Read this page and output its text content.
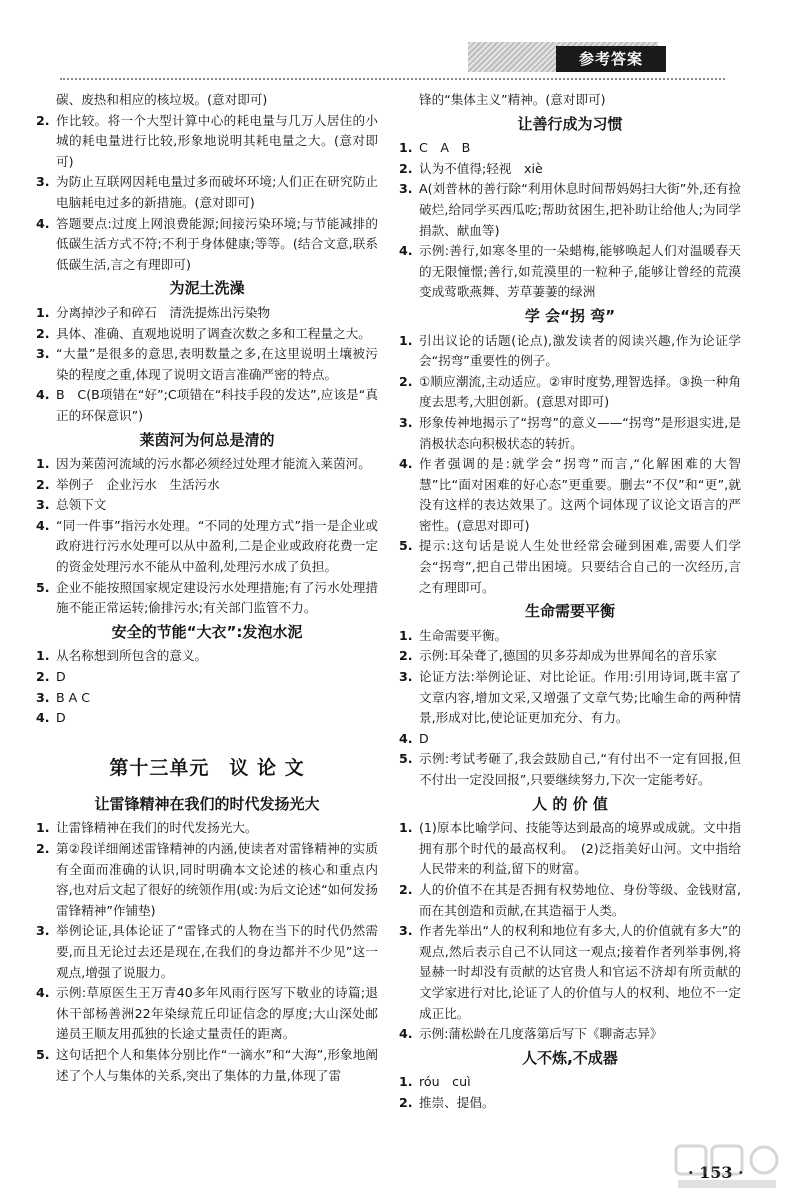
参考答案
碳、废热和相应的核垃圾。(意对即可)
2. 作比较。将一个大型计算中心的耗电量与几万人居住的小城的耗电量进行比较,形象地说明其耗电量之大。(意对即可)
3. 为防止互联网因耗电量过多而破坏环境;人们正在研究防止电脑耗电过多的新措施。(意对即可)
4. 答题要点:过度上网浪费能源;间接污染环境;与节能减排的低碳生活方式不符;不利于身体健康;等等。(结合文意,联系低碳生活,言之有理即可)
为泥土洗澡
1. 分离掉沙子和碎石　清洗提炼出污染物
2. 具体、准确、直观地说明了调查次数之多和工程量之大。
3. “大量”是很多的意思,表明数量之多,在这里说明土壤被污染的程度之重,体现了说明文语言准确严密的特点。
4. B　C(B项错在“好”;C项错在“科技手段的发达”,应该是“真正的环保意识”)
莱茵河为何总是清的
1. 因为莱茵河流域的污水都必须经过处理才能流入莱茵河。
2. 举例子　企业污水　生活污水
3. 总领下文
4. “同一件事”指污水处理。“不同的处理方式”指一是企业或政府进行污水处理可以从中盈利,二是企业或政府花费一定的资金处理污水不能从中盈利,处理污水成了负担。
5. 企业不能按照国家规定建设污水处理措施;有了污水处理措施不能正常运转;偷排污水;有关部门监管不力。
安全的节能“大衣”:发泡水泥
1. 从名称想到所包含的意义。
2. D
3. B A C
4. D
第十三单元　议 论 文
让雷锋精神在我们的时代发扬光大
1. 让雷锋精神在我们的时代发扬光大。
2. 第②段详细阐述雷锋精神的内涵,使读者对雷锋精神的实质有全面而准确的认识,同时明确本文论述的核心和重点内容,也对后文起了很好的统领作用(或:为后文论述“如何发扬雷锋精神”作铺垫)
3. 举例论证,具体论证了“雷锋式的人物在当下的时代仍然需要,而且无论过去还是现在,在我们的身边都并不少见”这一观点,增强了说服力。
4. 示例:草原医生王万青40多年风雨行医写下敬业的诗篇;退休干部杨善洲22年染绿荒丘印证信念的厚度;大山深处邮递员王顺友用孤独的长途丈量责任的距离。
5. 这句话把个人和集体分别比作“一滴水”和“大海”,形象地阐述了个人与集体的关系,突出了集体的力量,体现了雷
锋的“集体主义”精神。(意对即可)
让善行成为习惯
1. C　A　B
2. 认为不值得;轻视　xiè
3. A(刘普林的善行除“利用休息时间帮妈妈扫大街”外,还有捡破烂,给同学买西瓜吃;帮助贫困生,把补助让给他人;为同学捐款、献血等)
4. 示例:善行,如寒冬里的一朵蜡梅,能够唤起人们对温暖春天的无限憧憬;善行,如荒漠里的一粒种子,能够让曾经的荒漠变成莺歌燕舞、芳草萋萋的绿洲
学 会“拐 弯”
1. 引出议论的话题(论点),激发读者的阅读兴趣,作为论证学会“拐弯”重要性的例子。
2. ①顺应潮流,主动适应。②审时度势,理智选择。③换一种角度去思考,大胆创新。(意思对即可)
3. 形象传神地揭示了“拐弯”的意义——“拐弯”是形退实进,是消极状态向积极状态的转折。
4. 作者强调的是:就学会“拐弯”而言,“化解困难的大智慧”比“面对困难的好心态”更重要。删去“不仅”和“更”,就没有这样的表达效果了。这两个词体现了议论文语言的严密性。(意思对即可)
5. 提示:这句话是说人生处世经常会碰到困难,需要人们学会“拐弯”,把自己带出困境。只要结合自己的一次经历,言之有理即可。
生命需要平衡
1. 生命需要平衡。
2. 示例:耳朵聋了,德国的贝多芬却成为世界闻名的音乐家
3. 论证方法:举例论证、对比论证。作用:引用诗词,既丰富了文章内容,增加文采,又增强了文章气势;比喻生命的两种情景,形成对比,使论证更加充分、有力。
4. D
5. 示例:考试考砸了,我会鼓励自己,“有付出不一定有回报,但不付出一定没回报”,只要继续努力,下次一定能考好。
人 的 价 值
1. (1)原本比喻学问、技能等达到最高的境界或成就。文中指拥有那个时代的最高权利。　(2)泛指美好山河。文中指给人民带来的利益,留下的财富。
2. 人的价值不在其是否拥有权势地位、身份等级、金钱财富,而在其创造和贡献,在其造福于人类。
3. 作者先举出“人的权利和地位有多大,人的价值就有多大”的观点,然后表示自己不认同这一观点;接着作者列举事例,将显赫一时却没有贡献的达官贵人和官运不济却有所贡献的文学家进行对比,论证了人的价值与人的权利、地位不一定成正比。
4. 示例:蒲松龄在几度落第后写下《聊斋志异》
人不炼,不成器
1. róu　cuì
2. 推崇、提倡。
· 153 ·
